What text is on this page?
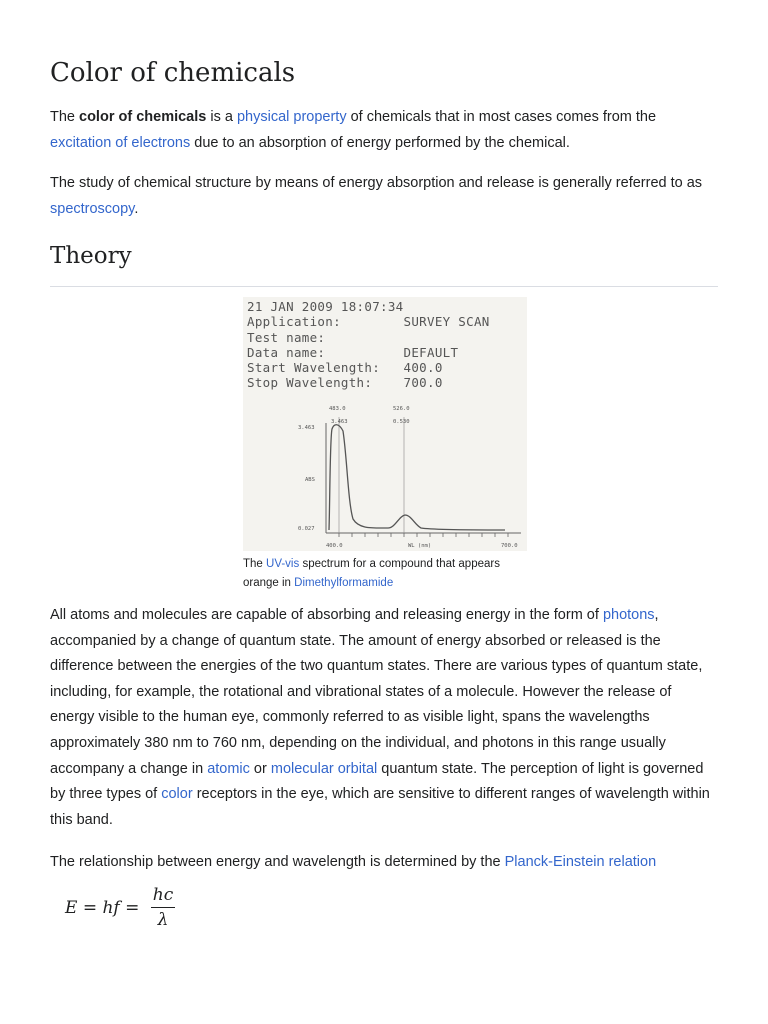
Color of chemicals

The color of chemicals is a physical property of chemicals that in most cases comes from the excitation of electrons due to an absorption of energy performed by the chemical.

The study of chemical structure by means of energy absorption and release is generally referred to as spectroscopy.

Theory
21 JAN 2009 18:07:34
Application:        SURVEY SCAN
Test name:
Data name:          DEFAULT
Start Wavelength:   400.0
Stop Wavelength:    700.0
483.0
3.463
526.0
0.530
3.463
ABS
0.027
400.0	WL (nm)	700.0
The UV-vis spectrum for a compound that appears orange in Dimethylformamide

All atoms and molecules are capable of absorbing and releasing energy in the form of photons, accompanied by a change of quantum state. The amount of energy absorbed or released is the difference between the energies of the two quantum states. There are various types of quantum state, including, for example, the rotational and vibrational states of a molecule. However the release of energy visible to the human eye, commonly referred to as visible light, spans the wavelengths approximately 380 nm to 760 nm, depending on the individual, and photons in this range usually accompany a change in atomic or molecular orbital quantum state. The perception of light is governed by three types of color receptors in the eye, which are sensitive to different ranges of wavelength within this band.

The relationship between energy and wavelength is determined by the Planck-Einstein relation

E = hf = $\frac{hc}{\lambda}$
